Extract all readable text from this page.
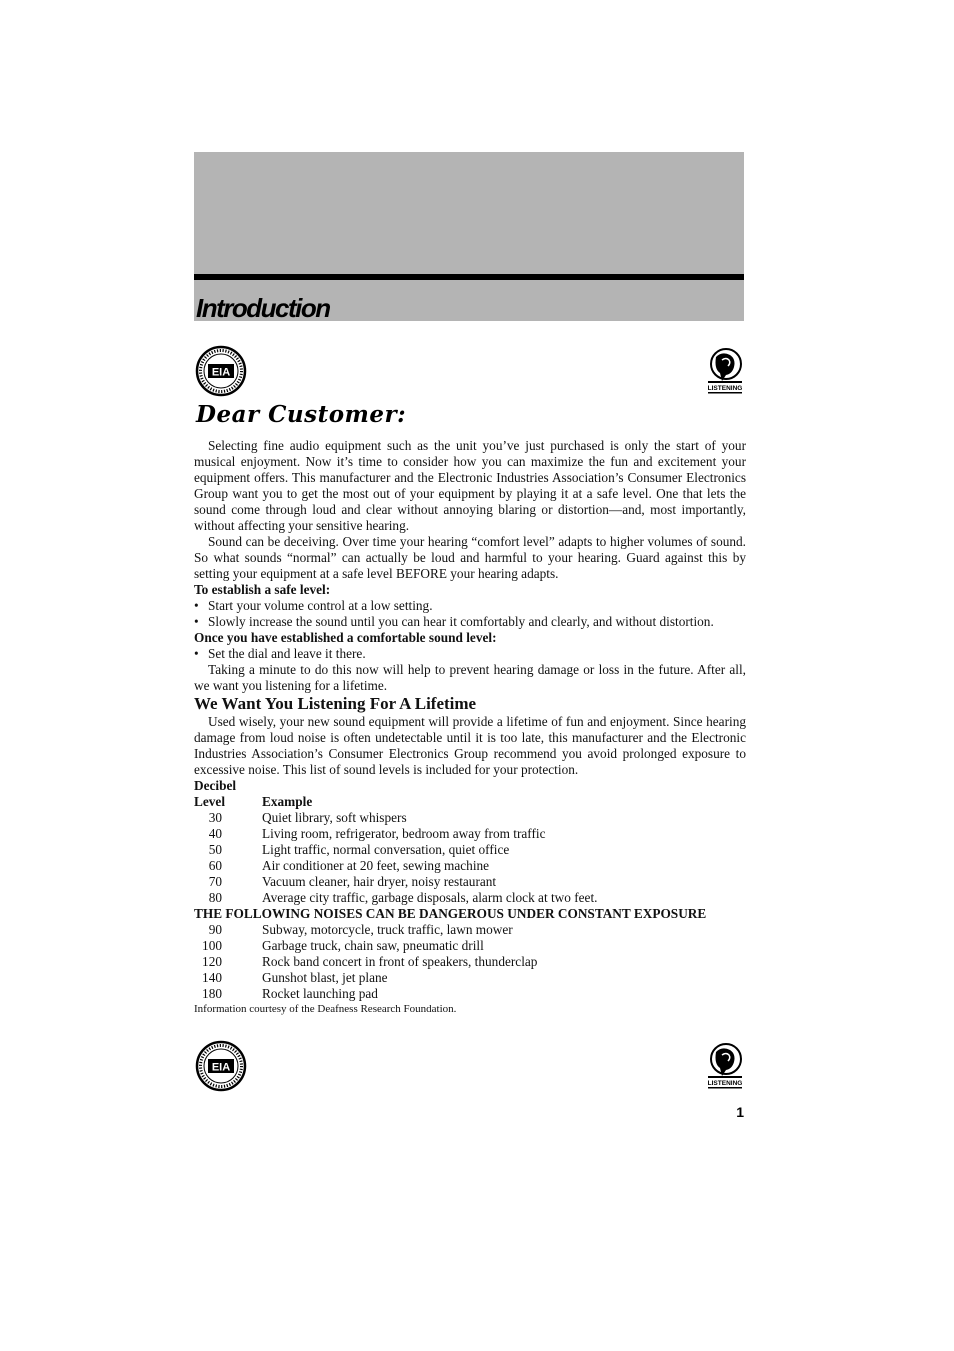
Introduction
EIA
LISTENING
Dear Customer:

Selecting fine audio equipment such as the unit you’ve just purchased is only the start of your musical enjoyment. Now it’s time to consider how you can maximize the fun and excitement your equipment offers. This manufacturer and the Electronic Industries Association’s Consumer Electronics Group want you to get the most out of your equipment by playing it at a safe level. One that lets the sound come through loud and clear without annoying blaring or distortion—and, most importantly, without affecting your sensitive hearing.

Sound can be deceiving. Over time your hearing “comfort level” adapts to higher volumes of sound. So what sounds “normal” can actually be loud and harmful to your hearing. Guard against this by setting your equipment at a safe level BEFORE your hearing adapts.

To establish a safe level:

• Start your volume control at a low setting.

• Slowly increase the sound until you can hear it comfortably and clearly, and without distortion.

Once you have established a comfortable sound level:

• Set the dial and leave it there.

Taking a minute to do this now will help to prevent hearing damage or loss in the future. After all, we want you listening for a lifetime.

We Want You Listening For A Lifetime

Used wisely, your new sound equipment will provide a lifetime of fun and enjoyment. Since hearing damage from loud noise is often undetectable until it is too late, this manufacturer and the Electronic Industries Association’s Consumer Electronics Group recommend you avoid prolonged exposure to excessive noise. This list of sound levels is included for your protection.

Decibel

Level	Example
30	Quiet library, soft whispers
40	Living room, refrigerator, bedroom away from traffic
50	Light traffic, normal conversation, quiet office
60	Air conditioner at 20 feet, sewing machine
70	Vacuum cleaner, hair dryer, noisy restaurant
80	Average city traffic, garbage disposals, alarm clock at two feet.

THE FOLLOWING NOISES CAN BE DANGEROUS UNDER CONSTANT EXPOSURE

90	Subway, motorcycle, truck traffic, lawn mower
100	Garbage truck, chain saw, pneumatic drill
120	Rock band concert in front of speakers, thunderclap
140	Gunshot blast, jet plane
180	Rocket launching pad

Information courtesy of the Deafness Research Foundation.

EIA
LISTENING
1
